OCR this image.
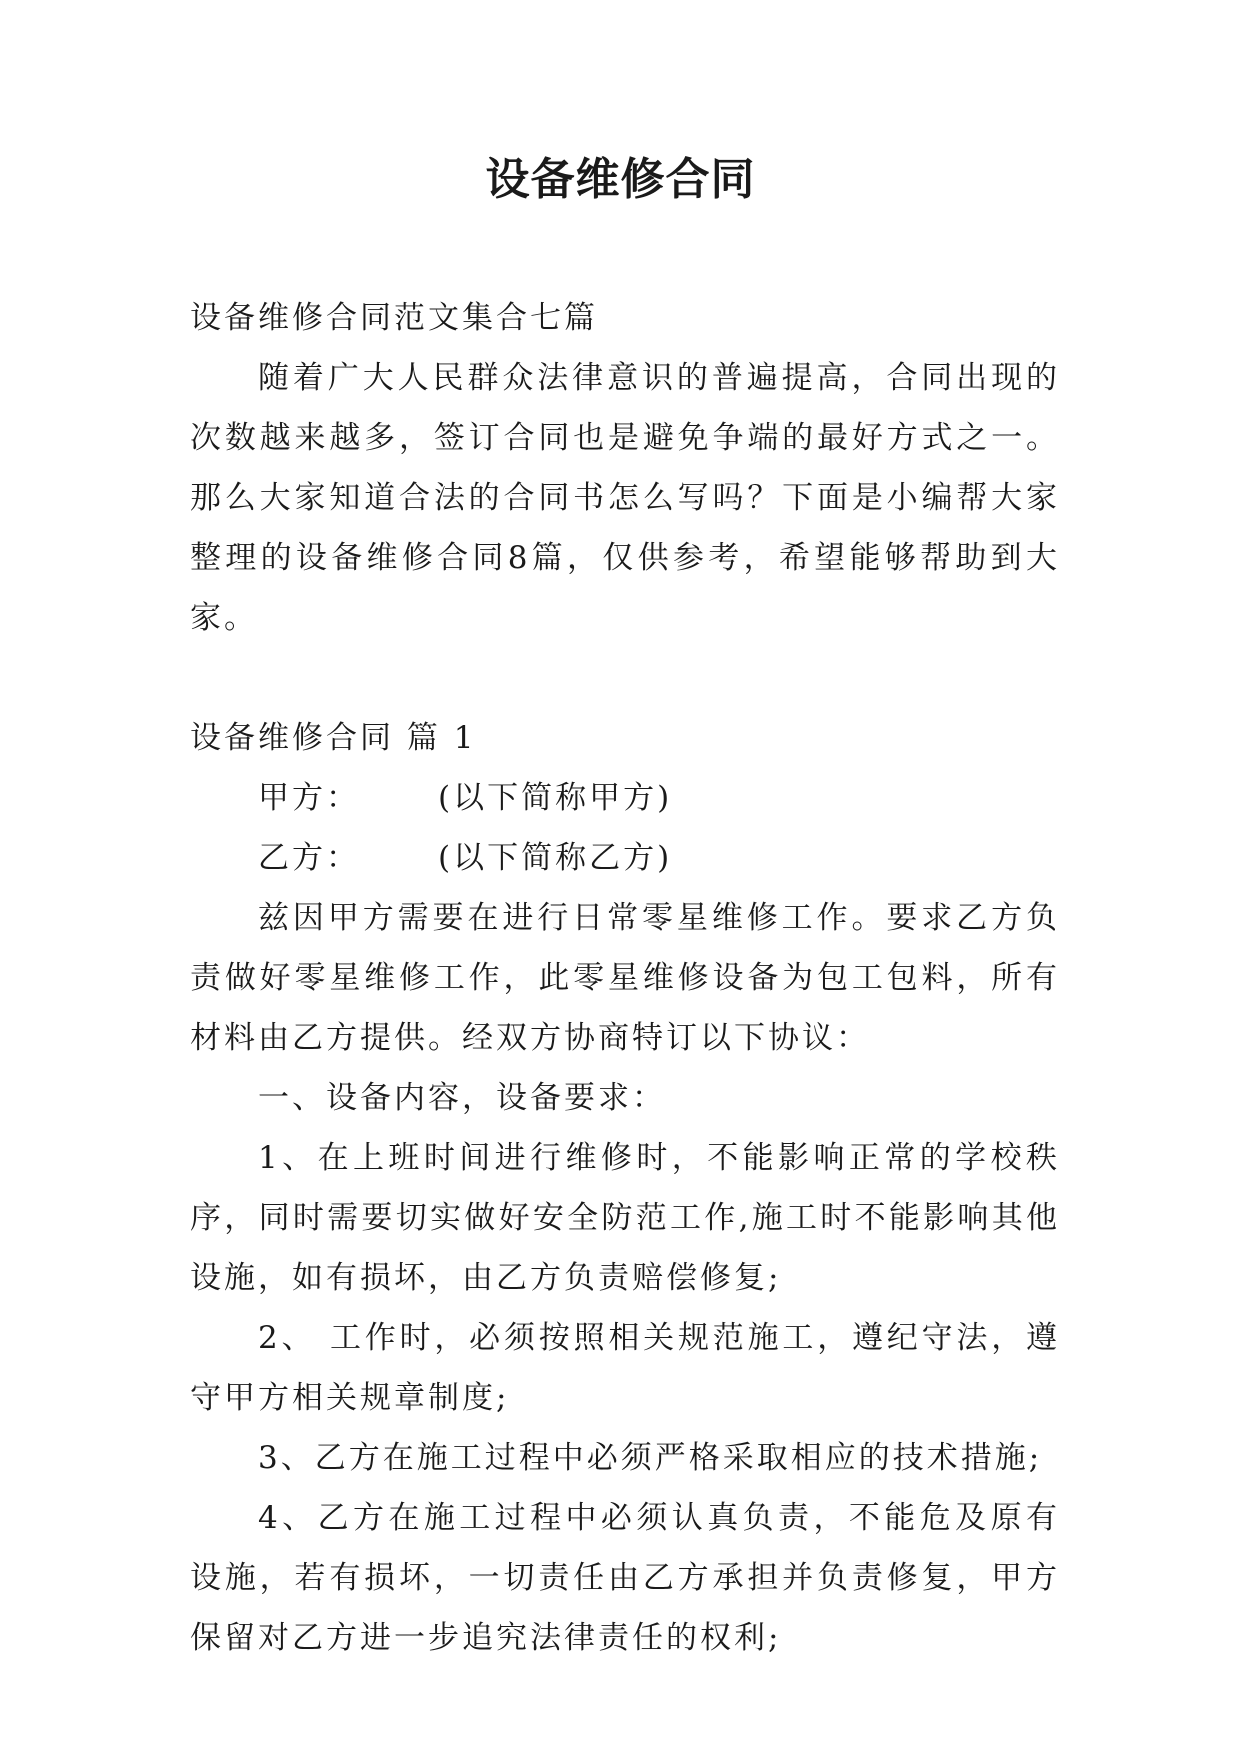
设备维修合同

设备维修合同范文集合七篇

随着广大人民群众法律意识的普遍提高，合同出现的次数越来越多，签订合同也是避免争端的最好方式之一。那么大家知道合法的合同书怎么写吗？下面是小编帮大家整理的设备维修合同8篇，仅供参考，希望能够帮助到大家。

设备维修合同 篇 1

甲方：	(以下简称甲方)
乙方：	(以下简称乙方)

兹因甲方需要在进行日常零星维修工作。要求乙方负责做好零星维修工作，此零星维修设备为包工包料，所有材料由乙方提供。经双方协商特订以下协议：

一、设备内容，设备要求：

1、在上班时间进行维修时，不能影响正常的学校秩序，同时需要切实做好安全防范工作,施工时不能影响其他设施，如有损坏，由乙方负责赔偿修复;

2、 工作时，必须按照相关规范施工，遵纪守法，遵守甲方相关规章制度;

3、乙方在施工过程中必须严格采取相应的技术措施;

4、乙方在施工过程中必须认真负责，不能危及原有设施，若有损坏，一切责任由乙方承担并负责修复，甲方保留对乙方进一步追究法律责任的权利;
